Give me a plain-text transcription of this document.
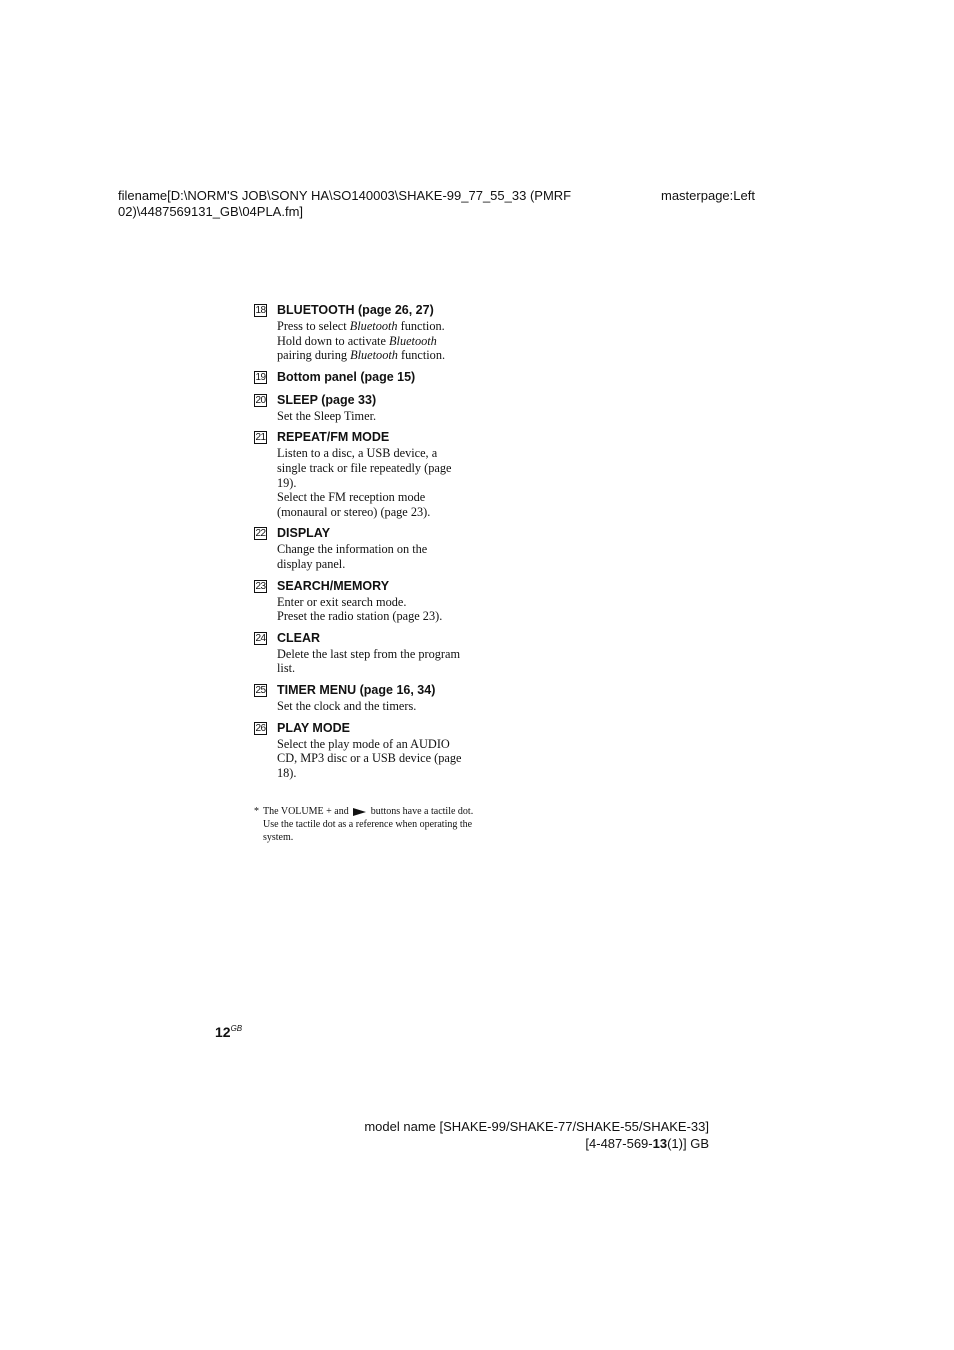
filename[D:\NORM'S JOB\SONY HA\SO140003\SHAKE-99_77_55_33 (PMRF 02)\4487569131_GB\04PLA.fm]
masterpage:Left
18 BLUETOOTH (page 26, 27)

Press to select Bluetooth function.

Hold down to activate Bluetooth

pairing during Bluetooth function.

19 Bottom panel (page 15)
20 SLEEP (page 33)

Set the Sleep Timer.

21 REPEAT/FM MODE

Listen to a disc, a USB device, a single track or file repeatedly (page 19).

Select the FM reception mode (monaural or stereo) (page 23).

22 DISPLAY

Change the information on the display panel.

23 SEARCH/MEMORY

Enter or exit search mode.

Preset the radio station (page 23).

24 CLEAR

Delete the last step from the program list.

25 TIMER MENU (page 16, 34)

Set the clock and the timers.

26 PLAY MODE

Select the play mode of an AUDIO CD, MP3 disc or a USB device (page 18).

* The VOLUME + and buttons have a tactile dot. Use the tactile dot as a reference when operating the system.
$12^{GB}$
model name [SHAKE-99/SHAKE-77/SHAKE-55/SHAKE-33]
[4-487-569-13(1)] GB
